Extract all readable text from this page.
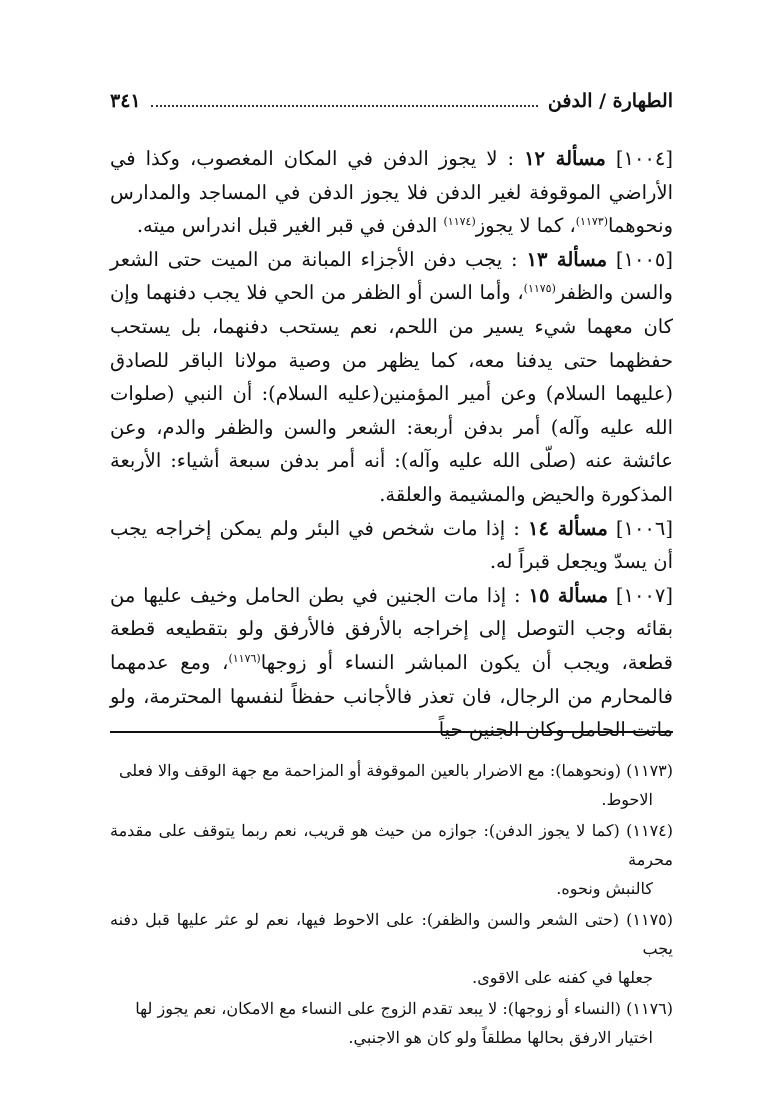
٣٤١	الطهارة / الدفن

[١٠٠٤] مسألة ١٢ : لا يجوز الدفن في المكان المغصوب، وكذا في الأراضي الموقوفة لغير الدفن فلا يجوز الدفن في المساجد والمدارس ونحوهما$^{(١١٧٣)}$، كما لا يجوز$^{(١١٧٤)}$ الدفن في قبر الغير قبل اندراس ميته.

[١٠٠٥] مسألة ١٣ : يجب دفن الأجزاء المبانة من الميت حتى الشعر والسن والظفر$^{(١١٧٥)}$، وأما السن أو الظفر من الحي فلا يجب دفنهما وإن كان معهما شيء يسير من اللحم، نعم يستحب دفنهما، بل يستحب حفظهما حتى يدفنا معه، كما يظهر من وصية مولانا الباقر للصادق (عليهما السلام) وعن أمير المؤمنين(عليه السلام): أن النبي (صلوات الله عليه وآله) أمر بدفن أربعة: الشعر والسن والظفر والدم، وعن عائشة عنه (صلّى الله عليه وآله): أنه أمر بدفن سبعة أشياء: الأربعة المذكورة والحيض والمشيمة والعلقة.

[١٠٠٦] مسألة ١٤ : إذا مات شخص في البئر ولم يمكن إخراجه يجب أن يسدّ ويجعل قبراً له.

[١٠٠٧] مسألة ١٥ : إذا مات الجنين في بطن الحامل وخيف عليها من بقائه وجب التوصل إلى إخراجه بالأرفق فالأرفق ولو بتقطيعه قطعة قطعة، ويجب أن يكون المباشر النساء أو زوجها$^{(١١٧٦)}$، ومع عدمهما فالمحارم من الرجال، فان تعذر فالأجانب حفظاً لنفسها المحترمة، ولو ماتت الحامل وكان الجنين حياً

(١١٧٣) (ونحوهما): مع الاضرار بالعين الموقوفة أو المزاحمة مع جهة الوقف والا فعلى
الاحوط.

(١١٧٤) (كما لا يجوز الدفن): جوازه من حيث هو قريب، نعم ربما يتوقف على مقدمة محرمة
كالنبش ونحوه.

(١١٧٥) (حتى الشعر والسن والظفر): على الاحوط فيها، نعم لو عثر عليها قبل دفنه يجب
جعلها في كفنه على الاقوى.

(١١٧٦) (النساء أو زوجها): لا يبعد تقدم الزوج على النساء مع الامكان، نعم يجوز لها
اختيار الارفق بحالها مطلقاً ولو كان هو الاجنبي.
